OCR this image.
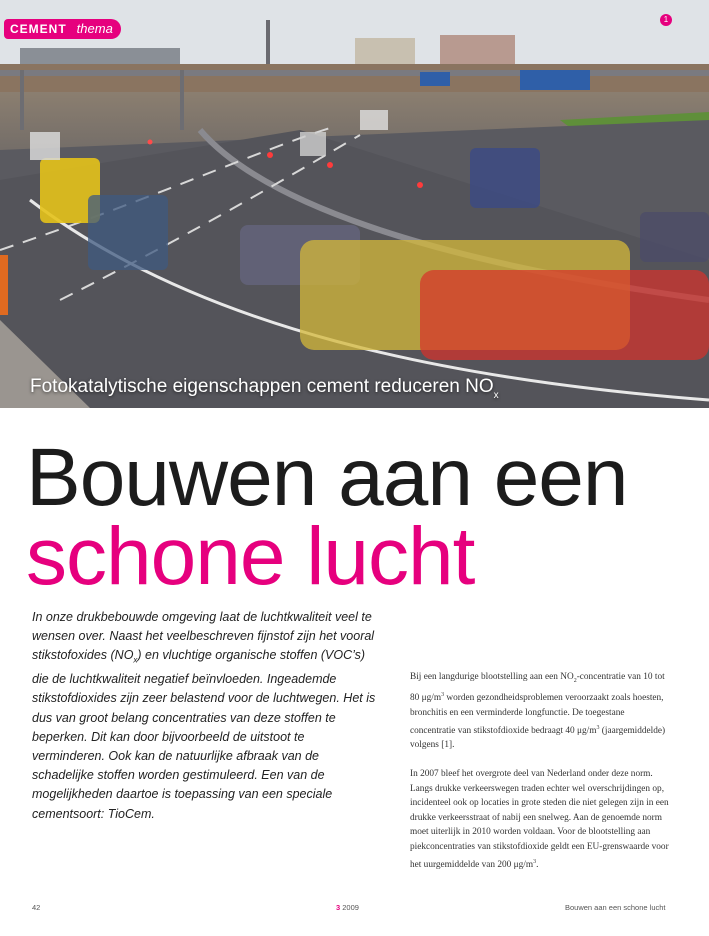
CEMENT thema
1
Fotokatalytische eigenschappen cement reduceren $NO_x$
Bouwen aan een
schone lucht
In onze drukbebouwde omgeving laat de luchtkwaliteit veel te wensen over. Naast het veelbeschreven fijnstof zijn het vooral stikstofoxides $(NO_x)$ en vluchtige organische stoffen (VOC’s) die de luchtkwaliteit negatief beïnvloeden. Ingeademde stikstofdioxides zijn zeer belastend voor de luchtwegen. Het is dus van groot belang concentraties van deze stoffen te beperken. Dit kan door bijvoorbeeld de uitstoot te verminderen. Ook kan de natuurlijke afbraak van de schadelijke stoffen worden gestimuleerd. Een van de mogelijkheden daartoe is toepassing van een speciale cementsoort: TioCem.

Bij een langdurige blootstelling aan een $NO_2$-concentratie van 10 tot 80 $\mu g/m^3$ worden gezondheidsproblemen veroorzaakt zoals hoesten, bronchitis en een verminderde longfunctie. De toegestane concentratie van stikstofdioxide bedraagt 40 $\mu g/m^3$ (jaargemiddelde) volgens [1].

In 2007 bleef het overgrote deel van Nederland onder deze norm. Langs drukke verkeerswegen traden echter wel overschrijdingen op, incidenteel ook op locaties in grote steden die niet gelegen zijn in een drukke verkeersstraat of nabij een snelweg. Aan de genoemde norm moet uiterlijk in 2010 worden voldaan. Voor de blootstelling aan piekconcentraties van stikstofdioxide geldt een EU-grenswaarde voor het uurgemiddelde van 200 $\mu g/m^3$.

42	3 2009	Bouwen aan een schone lucht
